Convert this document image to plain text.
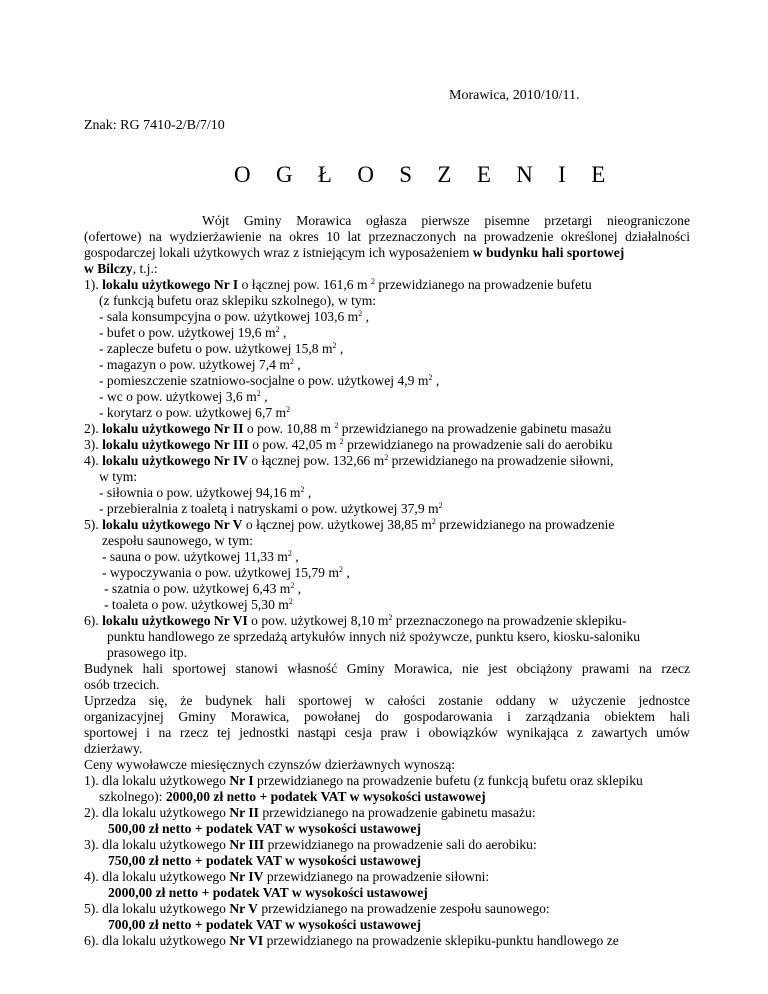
Morawica, 2010/10/11.
Znak: RG 7410-2/B/7/10
O G Ł O S Z E N I E
Wójt Gminy Morawica ogłasza pierwsze pisemne przetargi nieograniczone
(ofertowe) na wydzierżawienie na okres 10 lat przeznaczonych na prowadzenie określonej działalności
gospodarczej lokali użytkowych wraz z istniejącym ich wyposażeniem w budynku hali sportowej
w Bilczy, t.j.:
1). lokalu użytkowego Nr I o łącznej pow. 161,6 m $^2$ przewidzianego na prowadzenie bufetu
(z funkcją bufetu oraz sklepiku szkolnego), w tym:
- sala konsumpcyjna o pow. użytkowej 103,6 $m^2$ ,
- bufet o pow. użytkowej 19,6 $m^2$ ,
- zaplecze bufetu o pow. użytkowej 15,8 $m^2$ ,
- magazyn o pow. użytkowej 7,4 $m^2$ ,
- pomieszczenie szatniowo-socjalne o pow. użytkowej 4,9 $m^2$ ,
- wc o pow. użytkowej 3,6 $m^2$ ,
- korytarz o pow. użytkowej 6,7 $m^2$
2). lokalu użytkowego Nr II o pow. 10,88 m $^2$ przewidzianego na prowadzenie gabinetu masażu
3). lokalu użytkowego Nr III o pow. 42,05 m $^2$ przewidzianego na prowadzenie sali do aerobiku
4). lokalu użytkowego Nr IV o łącznej pow. 132,66 $m^2$ przewidzianego na prowadzenie siłowni,
w tym:
- siłownia o pow. użytkowej 94,16 $m^2$ ,
- przebieralnia z toaletą i natryskami o pow. użytkowej 37,9 $m^2$
5). lokalu użytkowego Nr V o łącznej pow. użytkowej 38,85 $m^2$ przewidzianego na prowadzenie
zespołu saunowego, w tym:
- sauna o pow. użytkowej 11,33 $m^2$ ,
- wypoczywania o pow. użytkowej 15,79 $m^2$ ,
- szatnia o pow. użytkowej 6,43 $m^2$ ,
- toaleta o pow. użytkowej 5,30 $m^2$
6). lokalu użytkowego Nr VI o pow. użytkowej 8,10 $m^2$ przeznaczonego na prowadzenie sklepiku-
punktu handlowego ze sprzedażą artykułów innych niż spożywcze, punktu ksero, kiosku-saloniku
prasowego itp.
Budynek hali sportowej stanowi własność Gminy Morawica, nie jest obciążony prawami na rzecz
osób trzecich.
Uprzedza się, że budynek hali sportowej w całości zostanie oddany w użyczenie jednostce
organizacyjnej Gminy Morawica, powołanej do gospodarowania i zarządzania obiektem hali
sportowej i na rzecz tej jednostki nastąpi cesja praw i obowiązków wynikająca z zawartych umów
dzierżawy.
Ceny wywoławcze miesięcznych czynszów dzierżawnych wynoszą:
1). dla lokalu użytkowego Nr I przewidzianego na prowadzenie bufetu (z funkcją bufetu oraz sklepiku
szkolnego): 2000,00 zł netto + podatek VAT w wysokości ustawowej
2). dla lokalu użytkowego Nr II przewidzianego na prowadzenie gabinetu masażu:
500,00 zł netto + podatek VAT w wysokości ustawowej
3). dla lokalu użytkowego Nr III przewidzianego na prowadzenie sali do aerobiku:
750,00 zł netto + podatek VAT w wysokości ustawowej
4). dla lokalu użytkowego Nr IV przewidzianego na prowadzenie siłowni:
2000,00 zł netto + podatek VAT w wysokości ustawowej
5). dla lokalu użytkowego Nr V przewidzianego na prowadzenie zespołu saunowego:
700,00 zł netto + podatek VAT w wysokości ustawowej
6). dla lokalu użytkowego Nr VI przewidzianego na prowadzenie sklepiku-punktu handlowego ze
